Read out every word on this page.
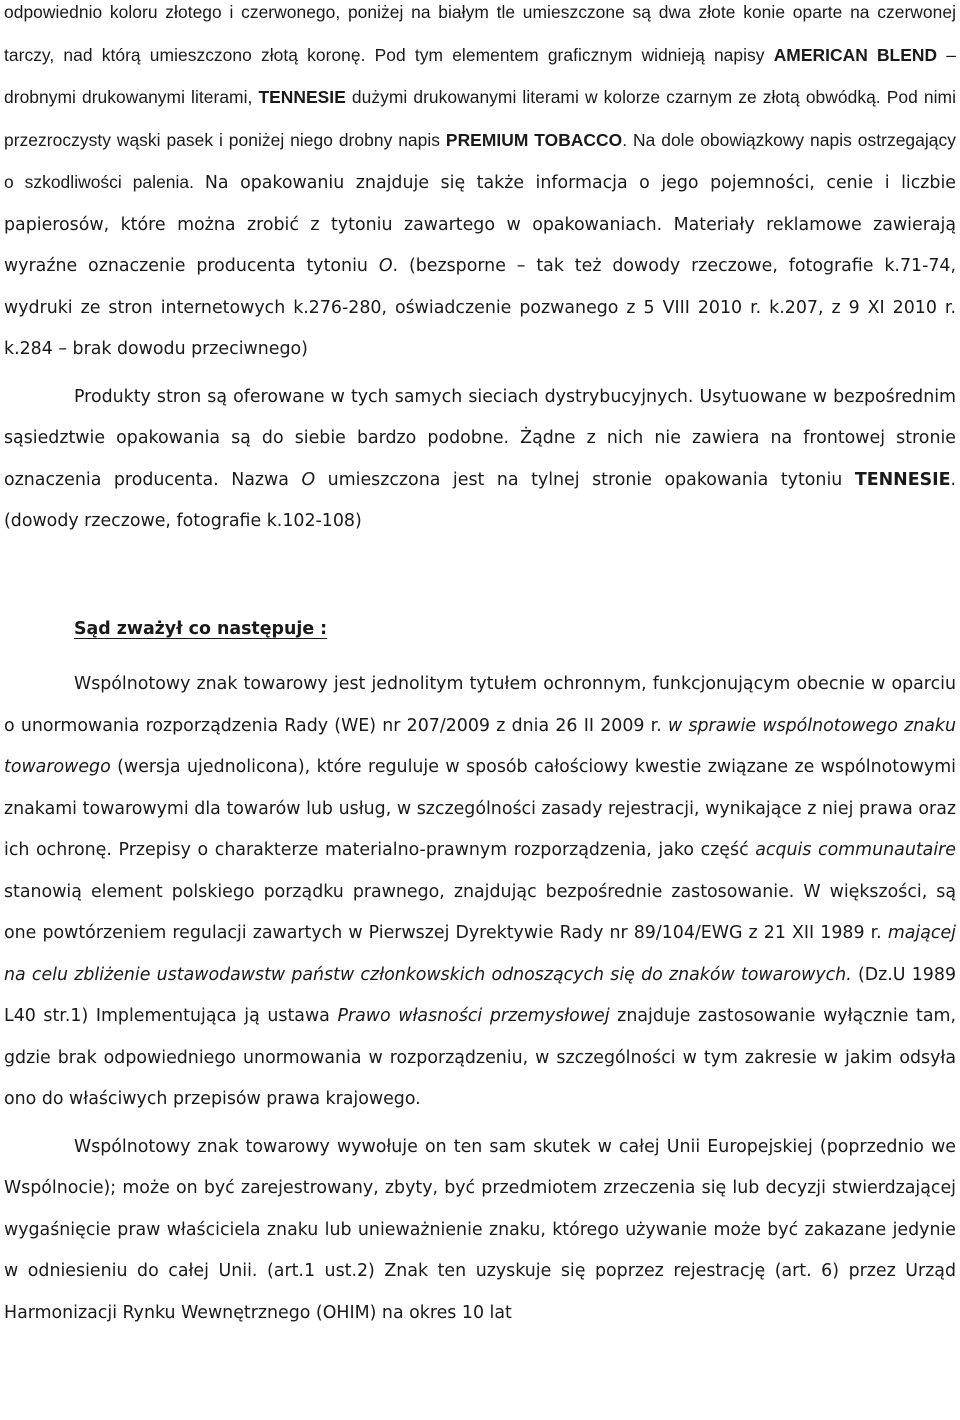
odpowiednio koloru złotego i czerwonego, poniżej na białym tle umieszczone są dwa złote konie oparte na czerwonej tarczy, nad którą umieszczono złotą koronę. Pod tym elementem graficznym widnieją napisy AMERICAN BLEND – drobnymi drukowanymi literami, TENNESIE dużymi drukowanymi literami w kolorze czarnym ze złotą obwódką. Pod nimi przezroczysty wąski pasek i poniżej niego drobny napis PREMIUM TOBACCO. Na dole obowiązkowy napis ostrzegający o szkodliwości palenia. Na opakowaniu znajduje się także informacja o jego pojemności, cenie i liczbie papierosów, które można zrobić z tytoniu zawartego w opakowaniach. Materiały reklamowe zawierają wyraźne oznaczenie producenta tytoniu O. (bezsporne – tak też dowody rzeczowe, fotografie k.71-74, wydruki ze stron internetowych k.276-280, oświadczenie pozwanego z 5 VIII 2010 r. k.207, z 9 XI 2010 r. k.284 – brak dowodu przeciwnego)

Produkty stron są oferowane w tych samych sieciach dystrybucyjnych. Usytuowane w bezpośrednim sąsiedztwie opakowania są do siebie bardzo podobne. Żądne z nich nie zawiera na frontowej stronie oznaczenia producenta. Nazwa O umieszczona jest na tylnej stronie opakowania tytoniu TENNESIE. (dowody rzeczowe, fotografie k.102-108)

Sąd zważył co następuje :

Wspólnotowy znak towarowy jest jednolitym tytułem ochronnym, funkcjonującym obecnie w oparciu o unormowania rozporządzenia Rady (WE) nr 207/2009 z dnia 26 II 2009 r. w sprawie wspólnotowego znaku towarowego (wersja ujednolicona), które reguluje w sposób całościowy kwestie związane ze wspólnotowymi znakami towarowymi dla towarów lub usług, w szczególności zasady rejestracji, wynikające z niej prawa oraz ich ochronę. Przepisy o charakterze materialno-prawnym rozporządzenia, jako część acquis communautaire stanowią element polskiego porządku prawnego, znajdując bezpośrednie zastosowanie. W większości, są one powtórzeniem regulacji zawartych w Pierwszej Dyrektywie Rady nr 89/104/EWG z 21 XII 1989 r. mającej na celu zbliżenie ustawodawstw państw członkowskich odnoszących się do znaków towarowych. (Dz.U 1989 L40 str.1) Implementująca ją ustawa Prawo własności przemysłowej znajduje zastosowanie wyłącznie tam, gdzie brak odpowiedniego unormowania w rozporządzeniu, w szczególności w tym zakresie w jakim odsyła ono do właściwych przepisów prawa krajowego.

Wspólnotowy znak towarowy wywołuje on ten sam skutek w całej Unii Europejskiej (poprzednio we Wspólnocie); może on być zarejestrowany, zbyty, być przedmiotem zrzeczenia się lub decyzji stwierdzającej wygaśnięcie praw właściciela znaku lub unieważnienie znaku, którego używanie może być zakazane jedynie w odniesieniu do całej Unii. (art.1 ust.2) Znak ten uzyskuje się poprzez rejestrację (art. 6) przez Urząd Harmonizacji Rynku Wewnętrznego (OHIM) na okres 10 lat
